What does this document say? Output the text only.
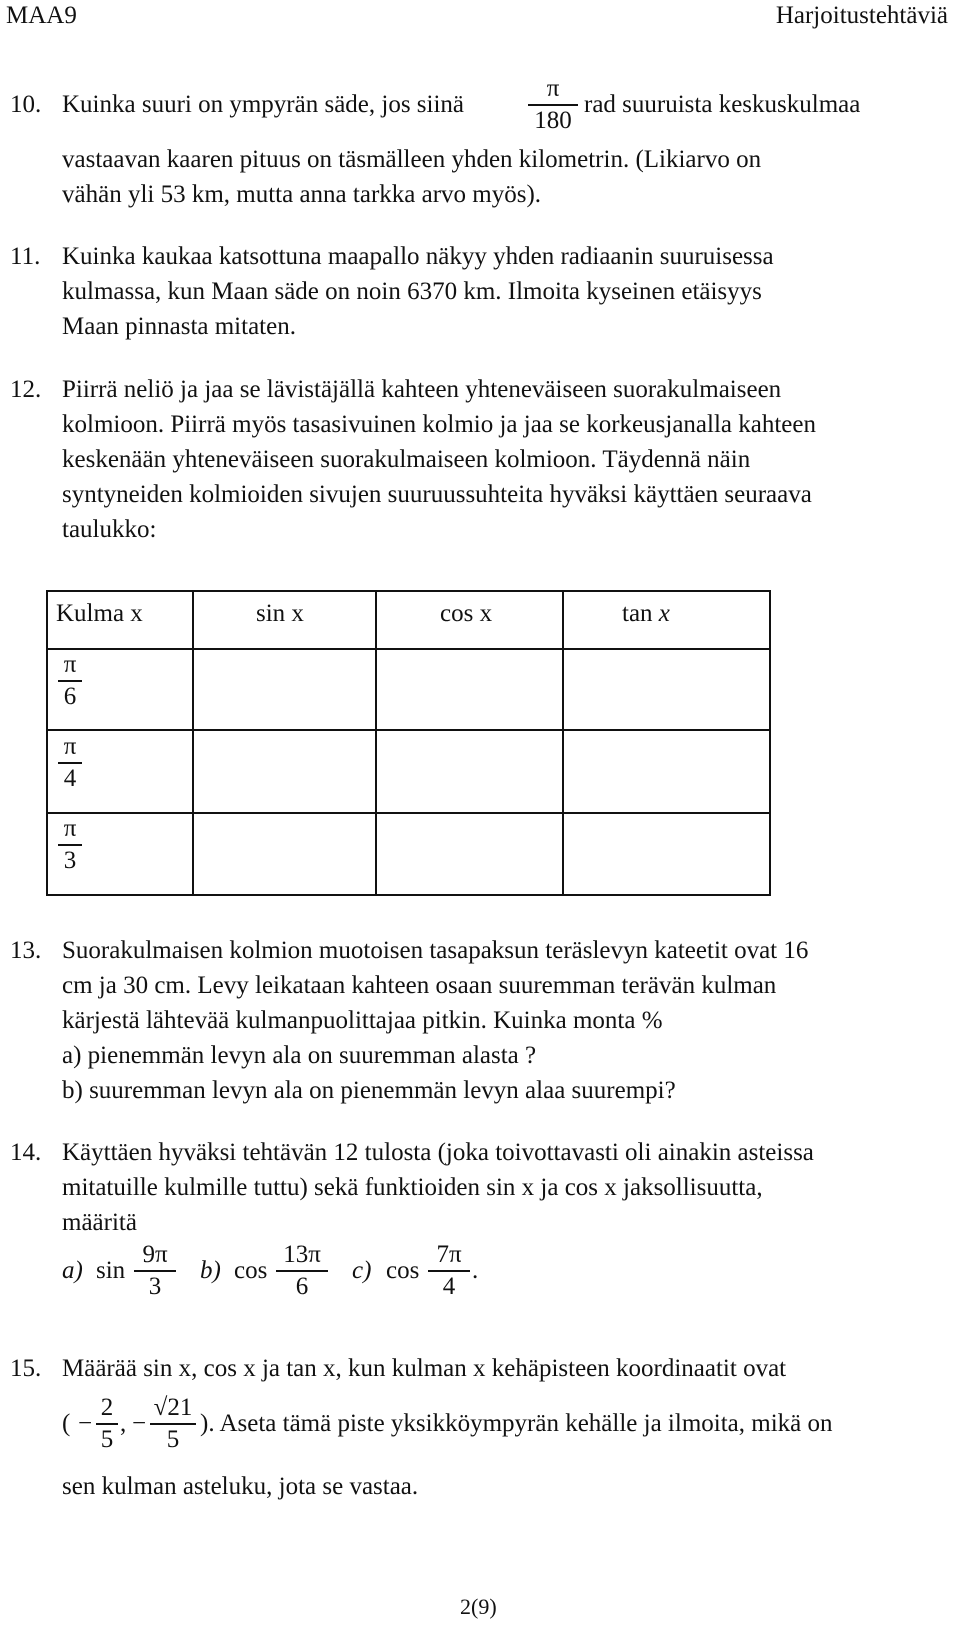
MAA9	Harjoitustehtäviä
10. Kuinka suuri on ympyrän säde, jos siinä
π
180
rad suuruista keskuskulmaa
vastaavan kaaren pituus on täsmälleen yhden kilometrin. (Likiarvo on
vähän yli 53 km, mutta anna tarkka arvo myös).
11. Kuinka kaukaa katsottuna maapallo näkyy yhden radiaanin suuruisessa
kulmassa, kun Maan säde on noin 6370 km. Ilmoita kyseinen etäisyys
Maan pinnasta mitaten.
12. Piirrä neliö ja jaa se lävistäjällä kahteen yhteneväiseen suorakulmaiseen
kolmioon. Piirrä myös tasasivuinen kolmio ja jaa se korkeusjanalla kahteen
keskenään yhteneväiseen suorakulmaiseen kolmioon. Täydennä näin
syntyneiden kolmioiden sivujen suuruussuhteita hyväksi käyttäen seuraava
taulukko:
Kulma x	sin x	cos x	tan x
π
6
π
4
π
3
13. Suorakulmaisen kolmion muotoisen tasapaksun teräslevyn kateetit ovat 16
cm ja 30 cm. Levy leikataan kahteen osaan suuremman terävän kulman
kärjestä lähtevää kulmanpuolittajaa pitkin. Kuinka monta %
a) pienemmän levyn ala on suuremman alasta ?
b) suuremman levyn ala on pienemmän levyn alaa suurempi?
14. Käyttäen hyväksi tehtävän 12 tulosta (joka toivottavasti oli ainakin asteissa
mitatuille kulmille tuttu) sekä funktioiden sin x ja cos x jaksollisuutta,
määritä
a) sin
9π
3
b) cos
13π
6
c) cos
7π
4
.
15. Määrää sin x, cos x ja tan x, kun kulman x kehäpisteen koordinaatit ovat
( −
2
5
, −
√21
5
). Aseta tämä piste yksikköympyrän kehälle ja ilmoita, mikä on
sen kulman asteluku, jota se vastaa.
2(9)
